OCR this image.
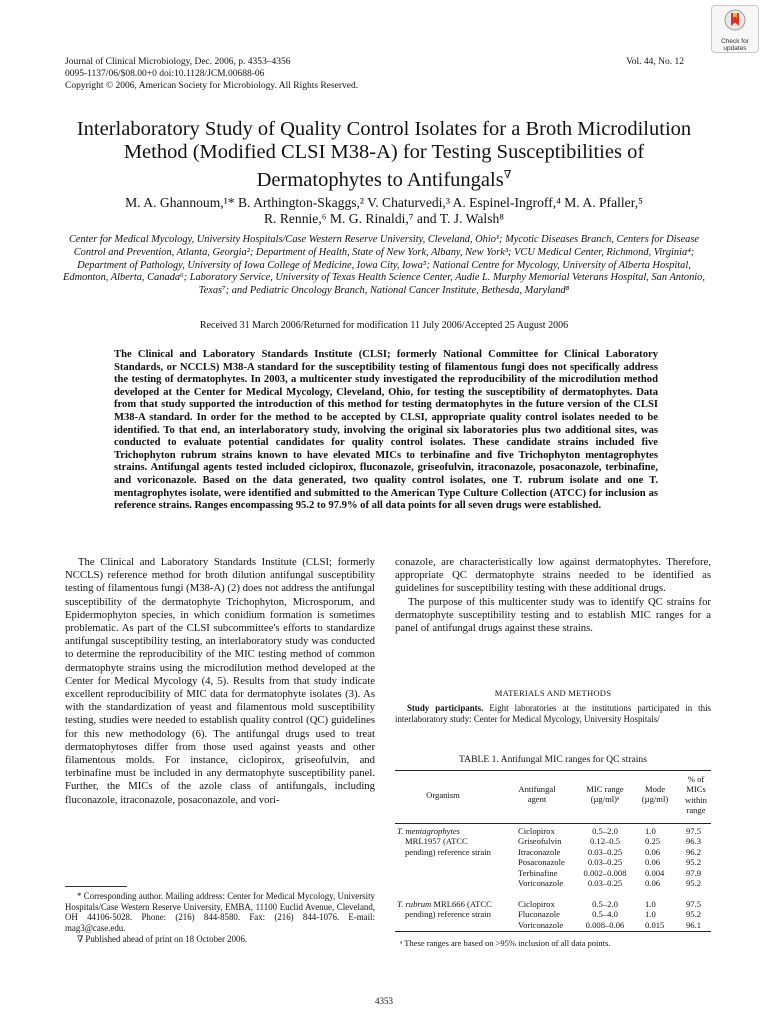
Journal of Clinical Microbiology, Dec. 2006, p. 4353–4356
0095-1137/06/$08.00+0 doi:10.1128/JCM.00688-06
Copyright © 2006, American Society for Microbiology. All Rights Reserved.
Vol. 44, No. 12
Check for
updates
Interlaboratory Study of Quality Control Isolates for a Broth Microdilution Method (Modified CLSI M38-A) for Testing Susceptibilities of Dermatophytes to Antifungals∇
M. A. Ghannoum,¹* B. Arthington-Skaggs,² V. Chaturvedi,³ A. Espinel-Ingroff,⁴ M. A. Pfaller,⁵
R. Rennie,⁶ M. G. Rinaldi,⁷ and T. J. Walsh⁸
Center for Medical Mycology, University Hospitals/Case Western Reserve University, Cleveland, Ohio¹; Mycotic Diseases Branch, Centers for Disease Control and Prevention, Atlanta, Georgia²; Department of Health, State of New York, Albany, New York³; VCU Medical Center, Richmond, Virginia⁴; Department of Pathology, University of Iowa College of Medicine, Iowa City, Iowa⁵; National Centre for Mycology, University of Alberta Hospital, Edmonton, Alberta, Canada⁶; Laboratory Service, University of Texas Health Science Center, Audie L. Murphy Memorial Veterans Hospital, San Antonio, Texas⁷; and Pediatric Oncology Branch, National Cancer Institute, Bethesda, Maryland⁸
Received 31 March 2006/Returned for modification 11 July 2006/Accepted 25 August 2006
The Clinical and Laboratory Standards Institute (CLSI; formerly National Committee for Clinical Laboratory Standards, or NCCLS) M38-A standard for the susceptibility testing of filamentous fungi does not specifically address the testing of dermatophytes. In 2003, a multicenter study investigated the reproducibility of the microdilution method developed at the Center for Medical Mycology, Cleveland, Ohio, for testing the susceptibility of dermatophytes. Data from that study supported the introduction of this method for testing dermatophytes in the future version of the CLSI M38-A standard. In order for the method to be accepted by CLSI, appropriate quality control isolates needed to be identified. To that end, an interlaboratory study, involving the original six laboratories plus two additional sites, was conducted to evaluate potential candidates for quality control isolates. These candidate strains included five Trichophyton rubrum strains known to have elevated MICs to terbinafine and five Trichophyton mentagrophytes strains. Antifungal agents tested included ciclopirox, fluconazole, griseofulvin, itraconazole, posaconazole, terbinafine, and voriconazole. Based on the data generated, two quality control isolates, one T. rubrum isolate and one T. mentagrophytes isolate, were identified and submitted to the American Type Culture Collection (ATCC) for inclusion as reference strains. Ranges encompassing 95.2 to 97.9% of all data points for all seven drugs were established.

The Clinical and Laboratory Standards Institute (CLSI; formerly NCCLS) reference method for broth dilution antifungal susceptibility testing of filamentous fungi (M38-A) (2) does not address the antifungal susceptibility of the dermatophyte Trichophyton, Microsporum, and Epidermophyton species, in which conidium formation is sometimes problematic. As part of the CLSI subcommittee's efforts to standardize antifungal susceptibility testing, an interlaboratory study was conducted to determine the reproducibility of the MIC testing method of common dermatophyte strains using the microdilution method developed at the Center for Medical Mycology (4, 5). Results from that study indicate excellent reproducibility of MIC data for dermatophyte isolates (3). As with the standardization of yeast and filamentous mold susceptibility testing, studies were needed to establish quality control (QC) guidelines for this new methodology (6). The antifungal drugs used to treat dermatophytoses differ from those used against yeasts and other filamentous molds. For instance, ciclopirox, griseofulvin, and terbinafine must be included in any dermatophyte susceptibility panel. Further, the MICs of the azole class of antifungals, including fluconazole, itraconazole, posaconazole, and vori-

conazole, are characteristically low against dermatophytes. Therefore, appropriate QC dermatophyte strains needed to be identified as guidelines for susceptibility testing with these additional drugs.

The purpose of this multicenter study was to identify QC strains for dermatophyte susceptibility testing and to establish MIC ranges for a panel of antifungal drugs against these strains.

MATERIALS AND METHODS
Study participants. Eight laboratories at the institutions participated in this interlaboratory study: Center for Medical Mycology, University Hospitals/
TABLE 1. Antifungal MIC ranges for QC strains
Organism
Antifungal agent
MIC range (µg/ml)ᵃ
Mode (µg/ml)
% of MICs within range
T. mentagrophytes
MRL1957 (ATCC
pending) reference strain
Ciclopirox	0.5–2.0	1.0	97.5
Griseofulvin	0.12–0.5	0.25	96.3
Itraconazole	0.03–0.25	0.06	96.2
Posaconazole	0.03–0.25	0.06	95.2
Terbinafine	0.002–0.008	0.004	97.9
Voriconazole	0.03–0.25	0.06	95.2
T. rubrum MRL666 (ATCC
pending) reference strain
Ciclopirox	0.5–2.0	1.0	97.5
Fluconazole	0.5–4.0	1.0	95.2
Voriconazole	0.008–0.06	0.015	96.1
ᵃ These ranges are based on >95% inclusion of all data points.

* Corresponding author. Mailing address: Center for Medical Mycology, University Hospitals/Case Western Reserve University, EMBA, 11100 Euclid Avenue, Cleveland, OH 44106-5028. Phone: (216) 844-8580. Fax: (216) 844-1076. E-mail: mag3@case.edu.

∇ Published ahead of print on 18 October 2006.

4353
